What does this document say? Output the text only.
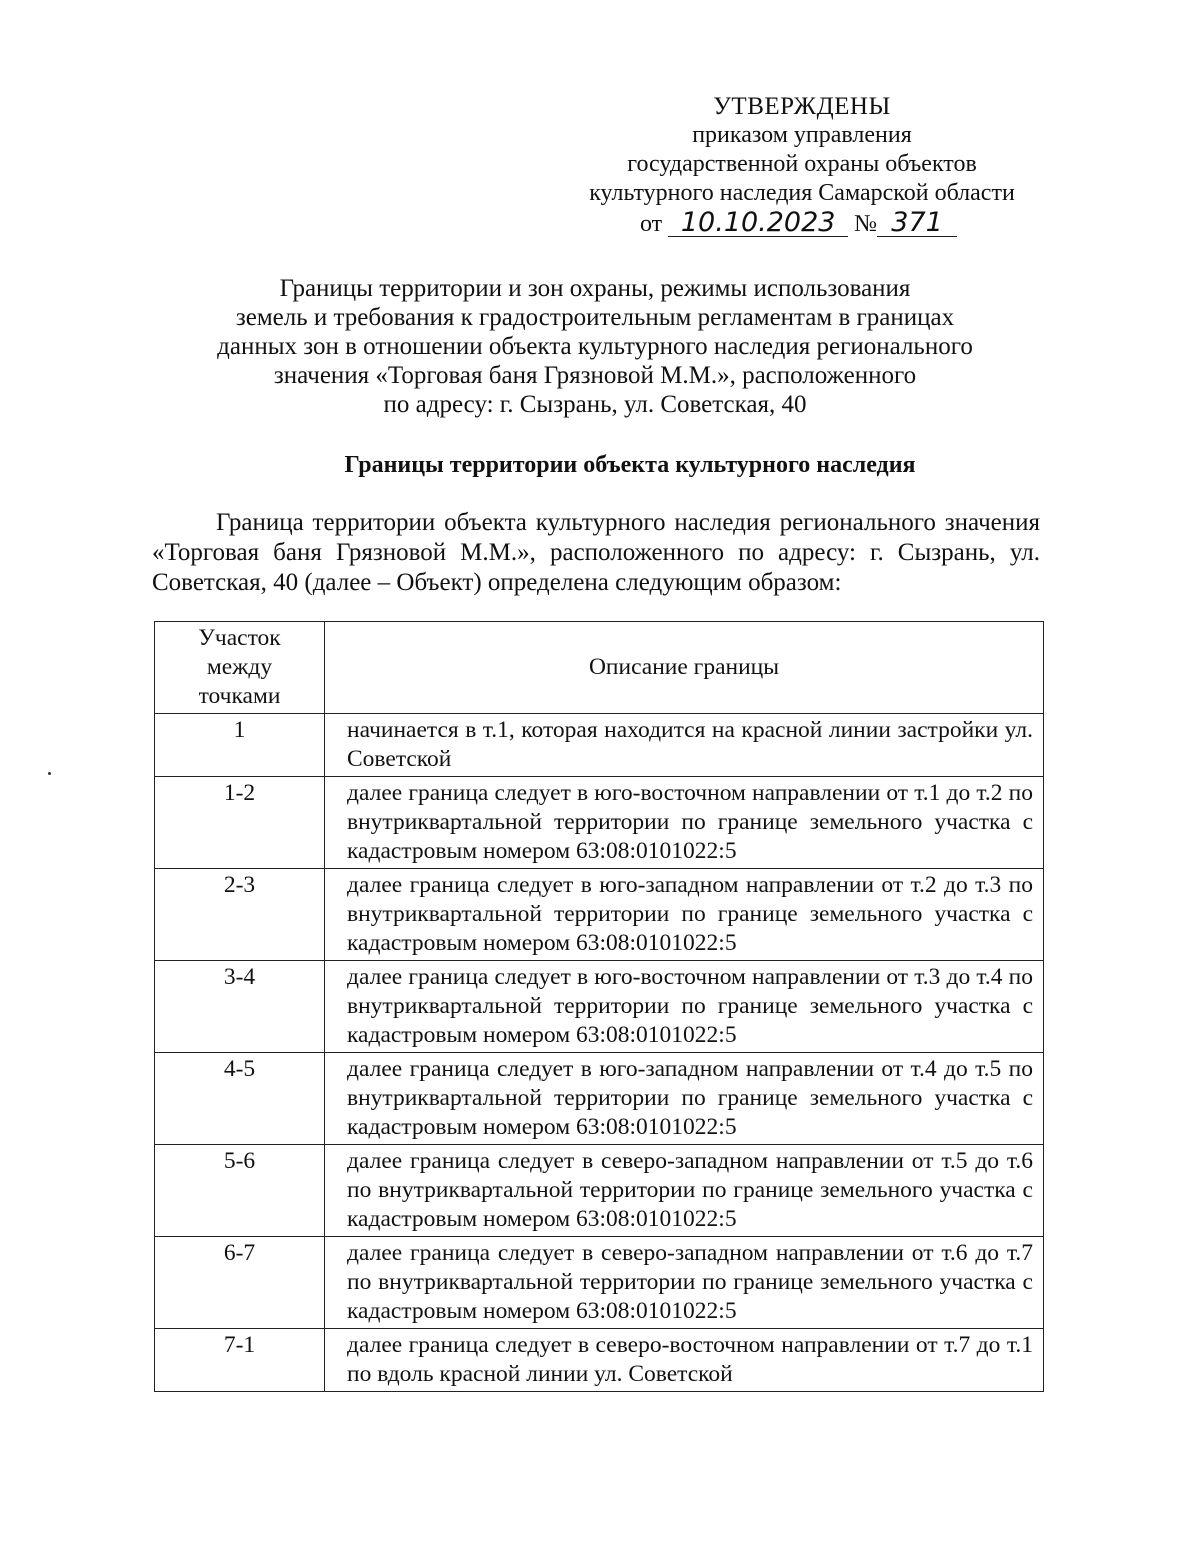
УТВЕРЖДЕНЫ
приказом управления
государственной охраны объектов
культурного наследия Самарской области
от 10.10.2023 № 371
Границы территории и зон охраны, режимы использования
земель и требования к градостроительным регламентам в границах
данных зон в отношении объекта культурного наследия регионального
значения «Торговая баня Грязновой М.М.», расположенного
по адресу: г. Сызрань, ул. Советская, 40
Границы территории объекта культурного наследия
Граница территории объекта культурного наследия регионального значения «Торговая баня Грязновой М.М.», расположенного по адресу: г. Сызрань, ул. Советская, 40 (далее – Объект) определена следующим образом:
Участок
между
точками	Описание границы
1	начинается в т.1, которая находится на красной линии застройки ул. Советской
1-2	далее граница следует в юго-восточном направлении от т.1 до т.2 по внутриквартальной территории по границе земельного участка с кадастровым номером 63:08:0101022:5
2-3	далее граница следует в юго-западном направлении от т.2 до т.3 по внутриквартальной территории по границе земельного участка с кадастровым номером 63:08:0101022:5
3-4	далее граница следует в юго-восточном направлении от т.3 до т.4 по внутриквартальной территории по границе земельного участка с кадастровым номером 63:08:0101022:5
4-5	далее граница следует в юго-западном направлении от т.4 до т.5 по внутриквартальной территории по границе земельного участка с кадастровым номером 63:08:0101022:5
5-6	далее граница следует в северо-западном направлении от т.5 до т.6 по внутриквартальной территории по границе земельного участка с кадастровым номером 63:08:0101022:5
6-7	далее граница следует в северо-западном направлении от т.6 до т.7 по внутриквартальной территории по границе земельного участка с кадастровым номером 63:08:0101022:5
7-1	далее граница следует в северо-восточном направлении от т.7 до т.1 по вдоль красной линии ул. Советской
